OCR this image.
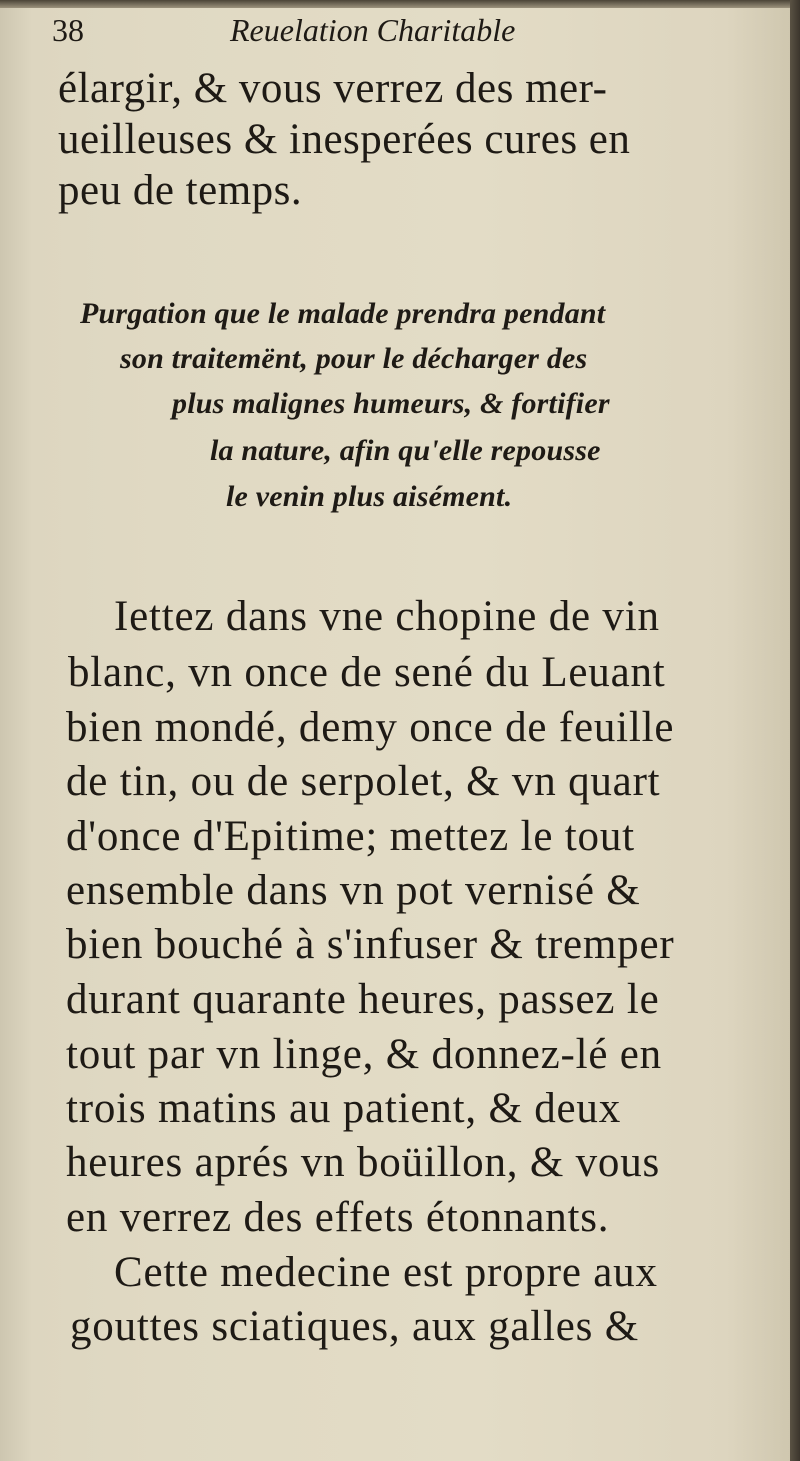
38	Reuelation Charitable
élargir, & vous verrez des mer-
ueilleuses & inesperées cures en
peu de temps.
Purgation que le malade prendra pendant
son traitemënt, pour le décharger des
plus malignes humeurs, & fortifier
la nature, afin qu'elle repousse
le venin plus aisément.
Iettez dans vne chopine de vin
blanc, vn once de sené du Leuant
bien mondé, demy once de feuille
de tin, ou de serpolet, & vn quart
d'once d'Epitime; mettez le tout
ensemble dans vn pot vernisé &
bien bouché à s'infuser & tremper
durant quarante heures, passez le
tout par vn linge, & donnez-lé en
trois matins au patient, & deux
heures aprés vn boüillon, & vous
en verrez des effets étonnants.
Cette medecine est propre aux
gouttes sciatiques, aux galles &
